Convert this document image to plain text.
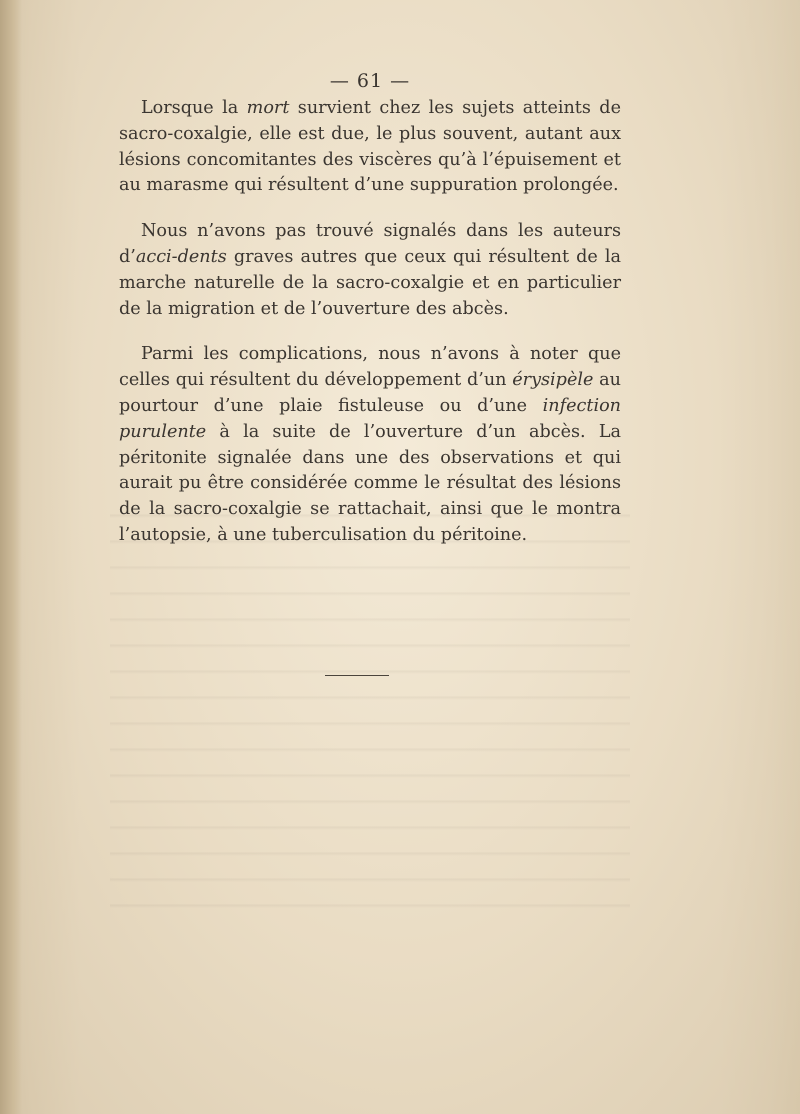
— 61 —

Lorsque la mort survient chez les sujets atteints de sacro-coxalgie, elle est due, le plus souvent, autant aux lésions concomitantes des viscères qu’à l’épuisement et au marasme qui résultent d’une suppuration prolongée.

Nous n’avons pas trouvé signalés dans les auteurs d’acci-dents graves autres que ceux qui résultent de la marche naturelle de la sacro-coxalgie et en particulier de la migration et de l’ouverture des abcès.

Parmi les complications, nous n’avons à noter que celles qui résultent du développement d’un érysipèle au pourtour d’une plaie fistuleuse ou d’une infection purulente à la suite de l’ouverture d’un abcès. La péritonite signalée dans une des observations et qui aurait pu être considérée comme le résultat des lésions de la sacro-coxalgie se rattachait, ainsi que le montra l’autopsie, à une tuberculisation du péritoine.
